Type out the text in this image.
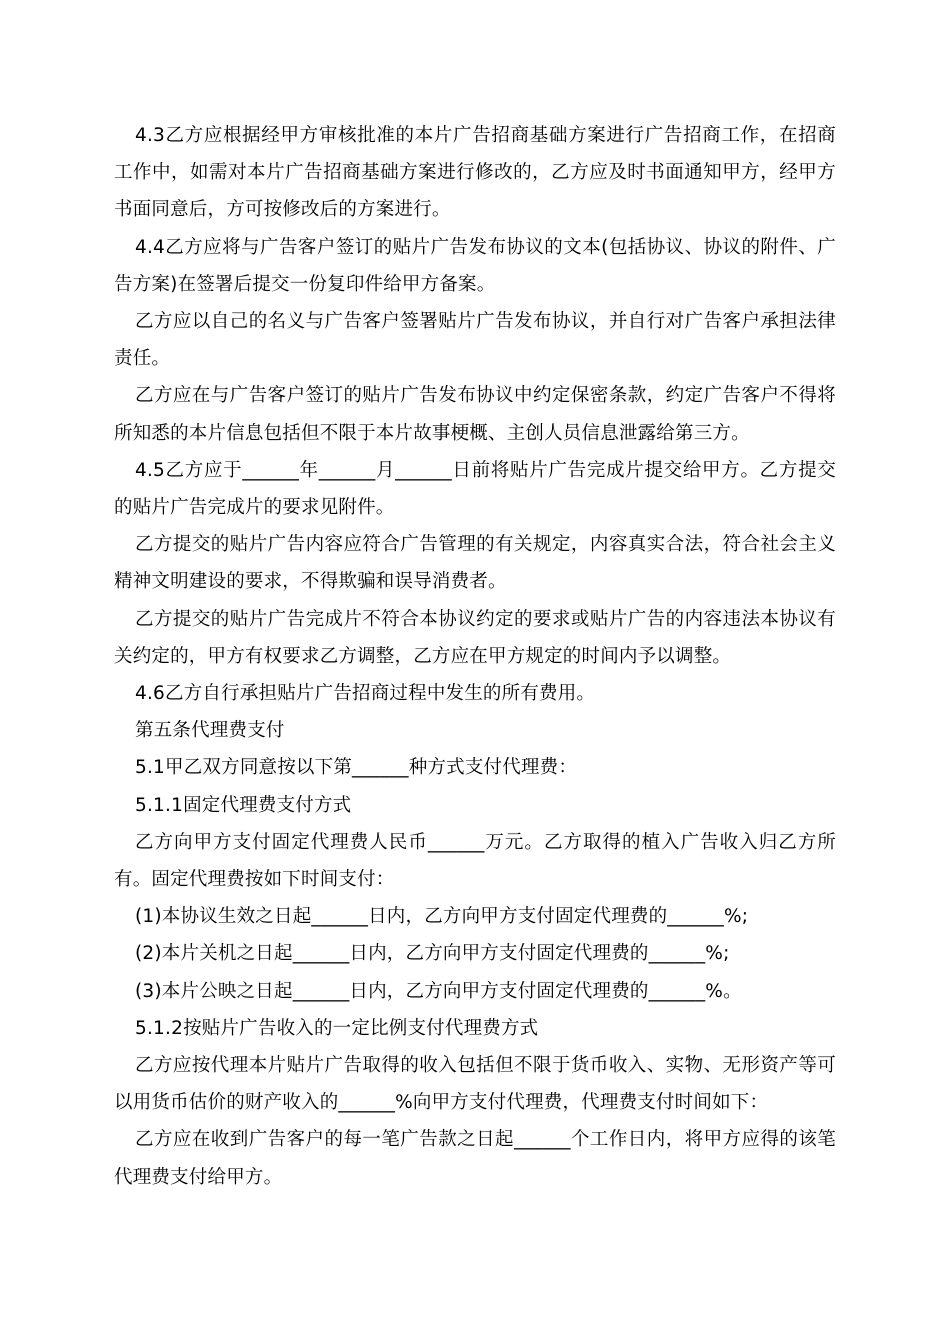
4.3乙方应根据经甲方审核批准的本片广告招商基础方案进行广告招商工作，在招商工作中，如需对本片广告招商基础方案进行修改的，乙方应及时书面通知甲方，经甲方书面同意后，方可按修改后的方案进行。

4.4乙方应将与广告客户签订的贴片广告发布协议的文本(包括协议、协议的附件、广告方案)在签署后提交一份复印件给甲方备案。

乙方应以自己的名义与广告客户签署贴片广告发布协议，并自行对广告客户承担法律责任。

乙方应在与广告客户签订的贴片广告发布协议中约定保密条款，约定广告客户不得将所知悉的本片信息包括但不限于本片故事梗概、主创人员信息泄露给第三方。

4.5乙方应于______年______月______日前将贴片广告完成片提交给甲方。乙方提交的贴片广告完成片的要求见附件。

乙方提交的贴片广告内容应符合广告管理的有关规定，内容真实合法，符合社会主义精神文明建设的要求，不得欺骗和误导消费者。

乙方提交的贴片广告完成片不符合本协议约定的要求或贴片广告的内容违法本协议有关约定的，甲方有权要求乙方调整，乙方应在甲方规定的时间内予以调整。

4.6乙方自行承担贴片广告招商过程中发生的所有费用。

第五条代理费支付

5.1甲乙双方同意按以下第______种方式支付代理费：

5.1.1固定代理费支付方式

乙方向甲方支付固定代理费人民币______万元。乙方取得的植入广告收入归乙方所有。固定代理费按如下时间支付：

(1)本协议生效之日起______日内，乙方向甲方支付固定代理费的______%;

(2)本片关机之日起______日内，乙方向甲方支付固定代理费的______%;

(3)本片公映之日起______日内，乙方向甲方支付固定代理费的______%。

5.1.2按贴片广告收入的一定比例支付代理费方式

乙方应按代理本片贴片广告取得的收入包括但不限于货币收入、实物、无形资产等可以用货币估价的财产收入的______%向甲方支付代理费，代理费支付时间如下：

乙方应在收到广告客户的每一笔广告款之日起______个工作日内，将甲方应得的该笔代理费支付给甲方。
